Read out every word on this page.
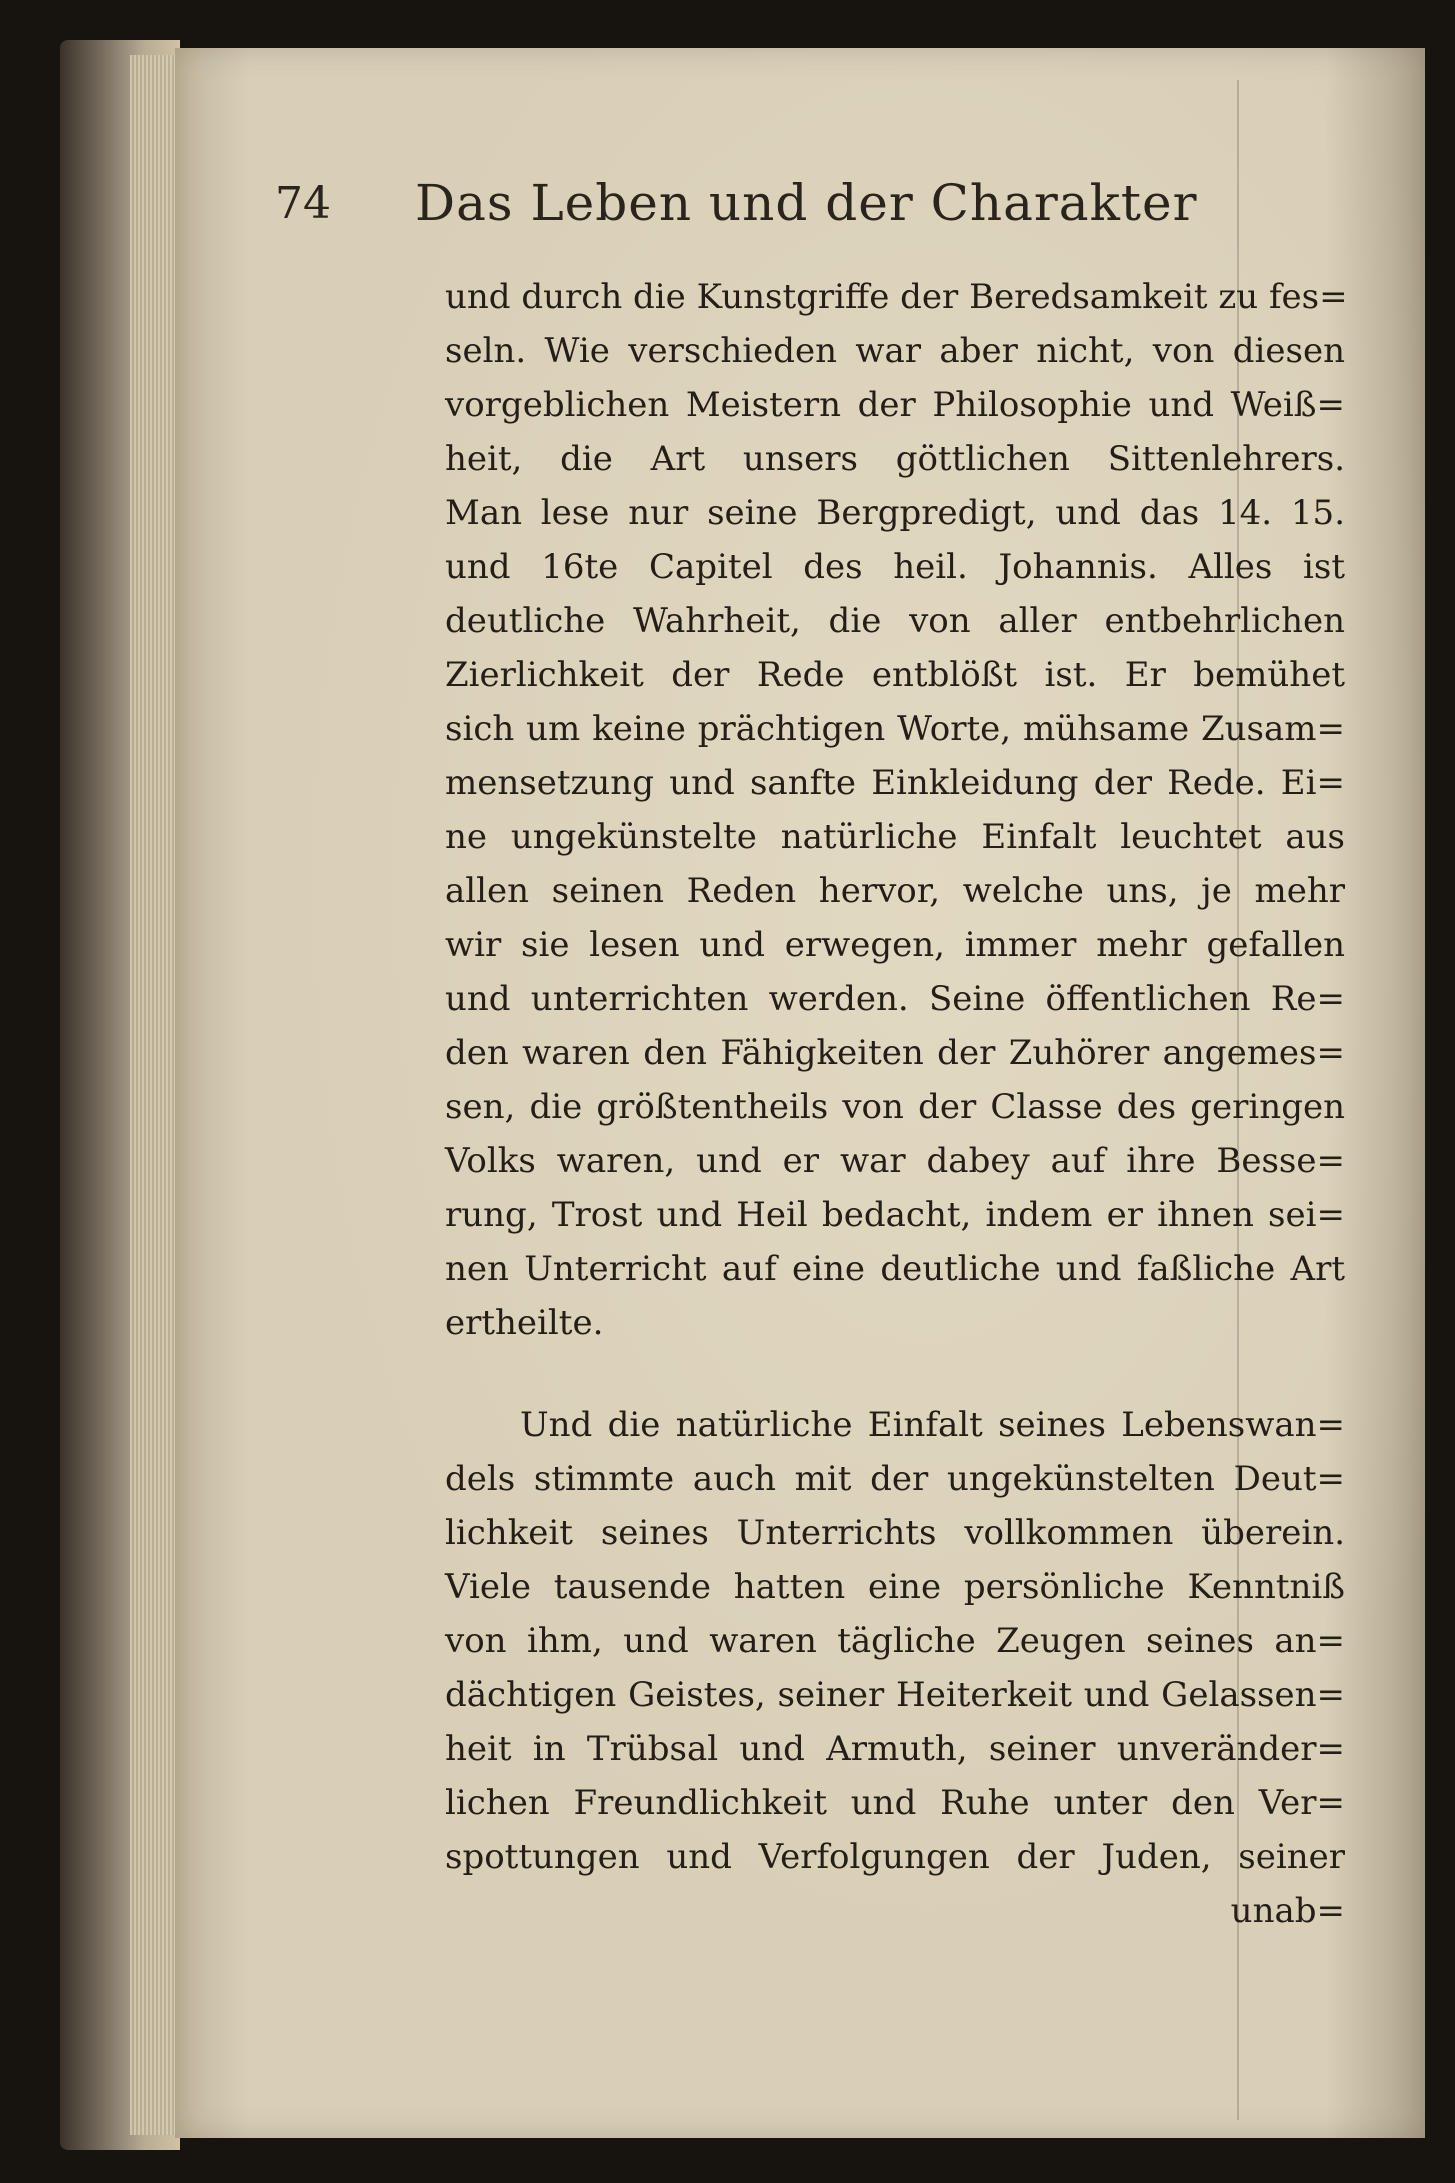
74 Das Leben und der Charakter
und durch die Kunstgriffe der Beredsamkeit zu fes=
seln. Wie verschieden war aber nicht, von diesen
vorgeblichen Meistern der Philosophie und Weiß=
heit, die Art unsers göttlichen Sittenlehrers.
Man lese nur seine Bergpredigt, und das 14. 15.
und 16te Capitel des heil. Johannis. Alles ist
deutliche Wahrheit, die von aller entbehrlichen
Zierlichkeit der Rede entblößt ist. Er bemühet
sich um keine prächtigen Worte, mühsame Zusam=
mensetzung und sanfte Einkleidung der Rede. Ei=
ne ungekünstelte natürliche Einfalt leuchtet aus
allen seinen Reden hervor, welche uns, je mehr
wir sie lesen und erwegen, immer mehr gefallen
und unterrichten werden. Seine öffentlichen Re=
den waren den Fähigkeiten der Zuhörer angemes=
sen, die größtentheils von der Classe des geringen
Volks waren, und er war dabey auf ihre Besse=
rung, Trost und Heil bedacht, indem er ihnen sei=
nen Unterricht auf eine deutliche und faßliche Art
ertheilte.
Und die natürliche Einfalt seines Lebenswan=
dels stimmte auch mit der ungekünstelten Deut=
lichkeit seines Unterrichts vollkommen überein.
Viele tausende hatten eine persönliche Kenntniß
von ihm, und waren tägliche Zeugen seines an=
dächtigen Geistes, seiner Heiterkeit und Gelassen=
heit in Trübsal und Armuth, seiner unveränder=
lichen Freundlichkeit und Ruhe unter den Ver=
spottungen und Verfolgungen der Juden, seiner
unab=
